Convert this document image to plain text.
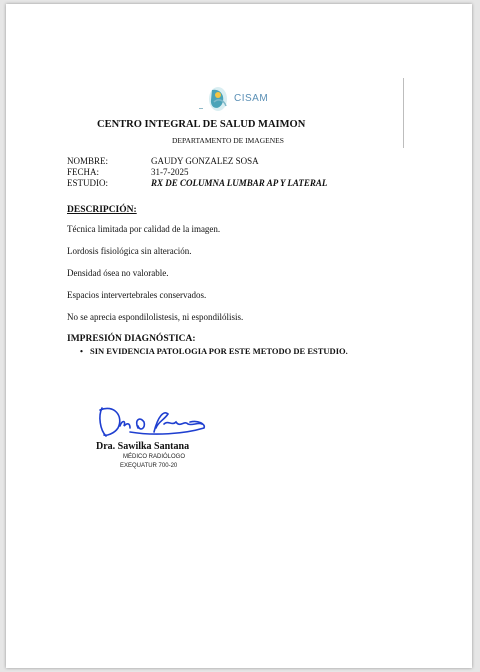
CISAM
CENTRO INTEGRAL DE SALUD MAIMON
DEPARTAMENTO DE IMAGENES
NOMBRE:	GAUDY GONZALEZ SOSA
FECHA:	31-7-2025
ESTUDIO:	RX DE COLUMNA LUMBAR AP Y LATERAL
DESCRIPCIÓN:
Técnica limitada por calidad de la imagen.
Lordosis fisiológica sin alteración.
Densidad ósea no valorable.
Espacios intervertebrales conservados.
No se aprecia espondilolistesis, ni espondilólisis.
IMPRESIÓN DIAGNÓSTICA:
• SIN EVIDENCIA PATOLOGIA POR ESTE METODO DE ESTUDIO.
Dra. Sawilka Santana
MÉDICO RADIÓLOGO
EXEQUATUR 700-20
